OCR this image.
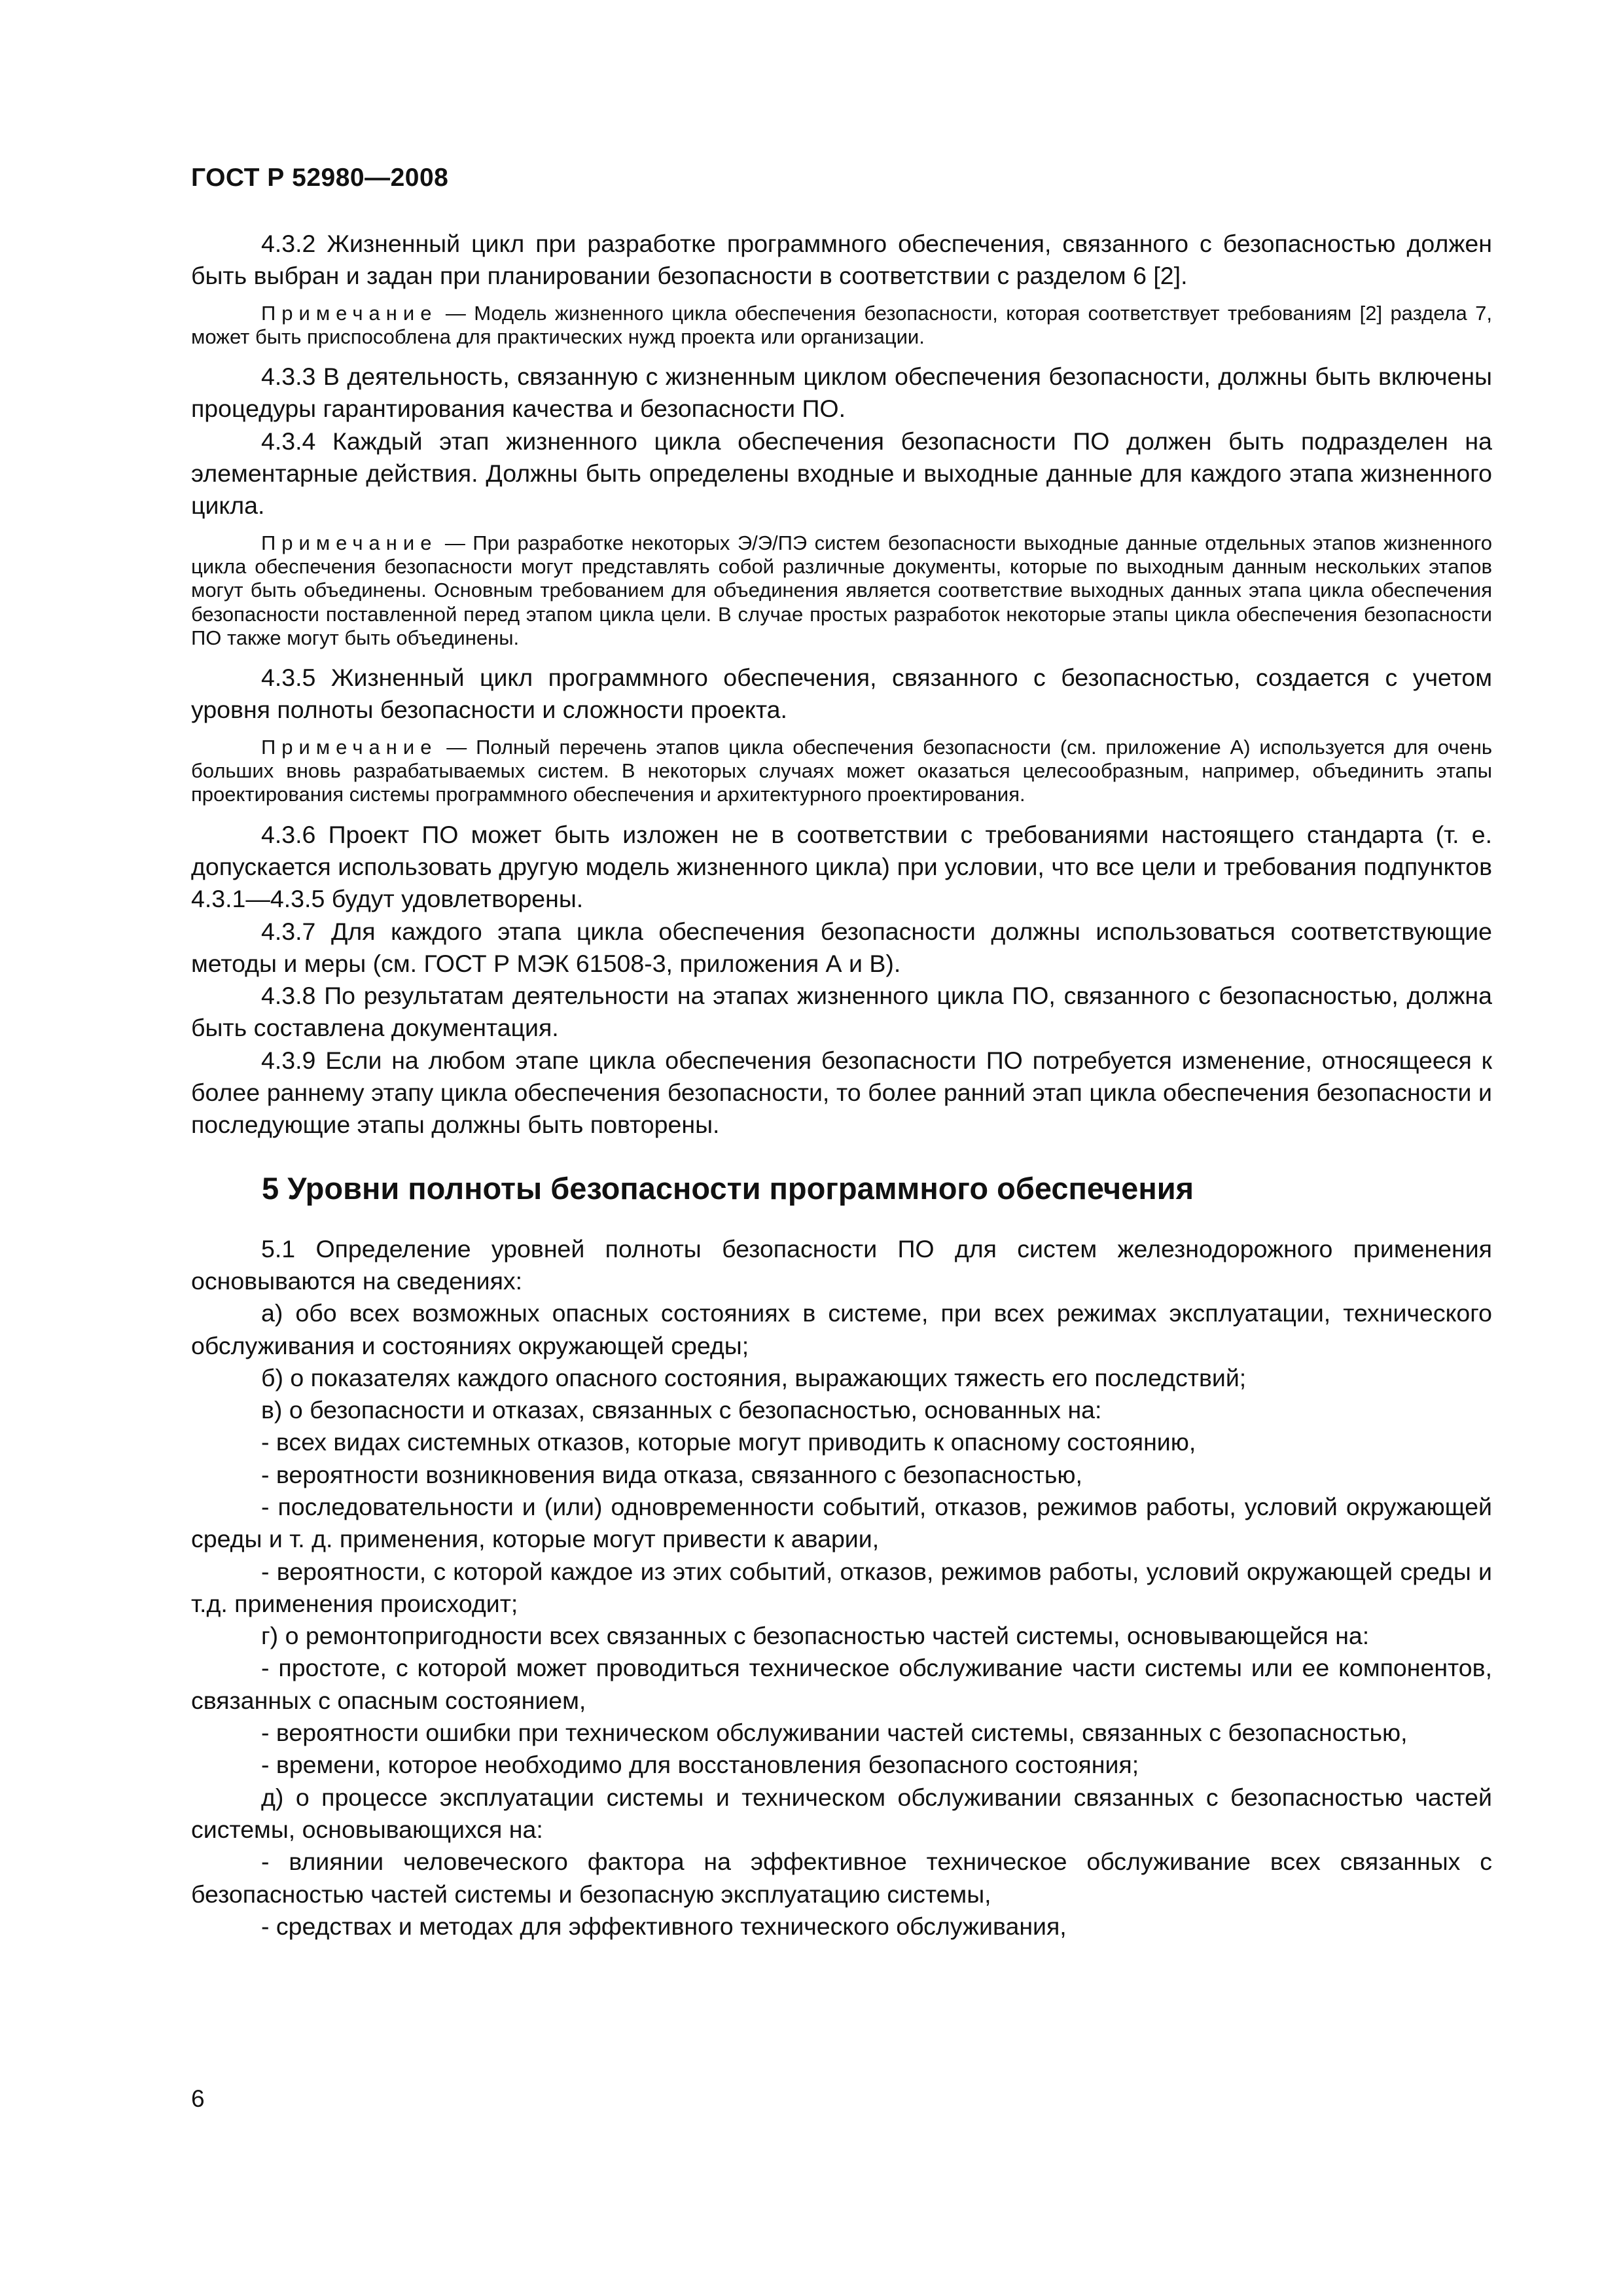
ГОСТ Р 52980—2008

4.3.2 Жизненный цикл при разработке программного обеспечения, связанного с безопасностью должен быть выбран и задан при планировании безопасности в соответствии с разделом 6 [2].

Примечание — Модель жизненного цикла обеспечения безопасности, которая соответствует требованиям [2] раздела 7, может быть приспособлена для практических нужд проекта или организации.

4.3.3 В деятельность, связанную с жизненным циклом обеспечения безопасности, должны быть включены процедуры гарантирования качества и безопасности ПО.

4.3.4 Каждый этап жизненного цикла обеспечения безопасности ПО должен быть подразделен на элементарные действия. Должны быть определены входные и выходные данные для каждого этапа жизненного цикла.

Примечание — При разработке некоторых Э/Э/ПЭ систем безопасности выходные данные отдельных этапов жизненного цикла обеспечения безопасности могут представлять собой различные документы, которые по выходным данным нескольких этапов могут быть объединены. Основным требованием для объединения является соответствие выходных данных этапа цикла обеспечения безопасности поставленной перед этапом цикла цели. В случае простых разработок некоторые этапы цикла обеспечения безопасности ПО также могут быть объединены.

4.3.5 Жизненный цикл программного обеспечения, связанного с безопасностью, создается с учетом уровня полноты безопасности и сложности проекта.

Примечание — Полный перечень этапов цикла обеспечения безопасности (см. приложение А) используется для очень больших вновь разрабатываемых систем. В некоторых случаях может оказаться целесообразным, например, объединить этапы проектирования системы программного обеспечения и архитектурного проектирования.

4.3.6 Проект ПО может быть изложен не в соответствии с требованиями настоящего стандарта (т. е. допускается использовать другую модель жизненного цикла) при условии, что все цели и требования подпунктов 4.3.1—4.3.5 будут удовлетворены.

4.3.7 Для каждого этапа цикла обеспечения безопасности должны использоваться соответствующие методы и меры (см. ГОСТ Р МЭК 61508-3, приложения А и В).

4.3.8 По результатам деятельности на этапах жизненного цикла ПО, связанного с безопасностью, должна быть составлена документация.

4.3.9 Если на любом этапе цикла обеспечения безопасности ПО потребуется изменение, относящееся к более раннему этапу цикла обеспечения безопасности, то более ранний этап цикла обеспечения безопасности и последующие этапы должны быть повторены.

5 Уровни полноты безопасности программного обеспечения

5.1 Определение уровней полноты безопасности ПО для систем железнодорожного применения основываются на сведениях:

а) обо всех возможных опасных состояниях в системе, при всех режимах эксплуатации, технического обслуживания и состояниях окружающей среды;

б) о показателях каждого опасного состояния, выражающих тяжесть его последствий;

в) о безопасности и отказах, связанных с безопасностью, основанных на:

- всех видах системных отказов, которые могут приводить к опасному состоянию,

- вероятности возникновения вида отказа, связанного с безопасностью,

- последовательности и (или) одновременности событий, отказов, режимов работы, условий окружающей среды и т. д. применения, которые могут привести к аварии,

- вероятности, с которой каждое из этих событий, отказов, режимов работы, условий окружающей среды и т.д. применения происходит;

г) о ремонтопригодности всех связанных с безопасностью частей системы, основывающейся на:

- простоте, с которой может проводиться техническое обслуживание части системы или ее компонентов, связанных с опасным состоянием,

- вероятности ошибки при техническом обслуживании частей системы, связанных с безопасностью,

- времени, которое необходимо для восстановления безопасного состояния;

д) о процессе эксплуатации системы и техническом обслуживании связанных с безопасностью частей системы, основывающихся на:

- влиянии человеческого фактора на эффективное техническое обслуживание всех связанных с безопасностью частей системы и безопасную эксплуатацию системы,

- средствах и методах для эффективного технического обслуживания,

6
